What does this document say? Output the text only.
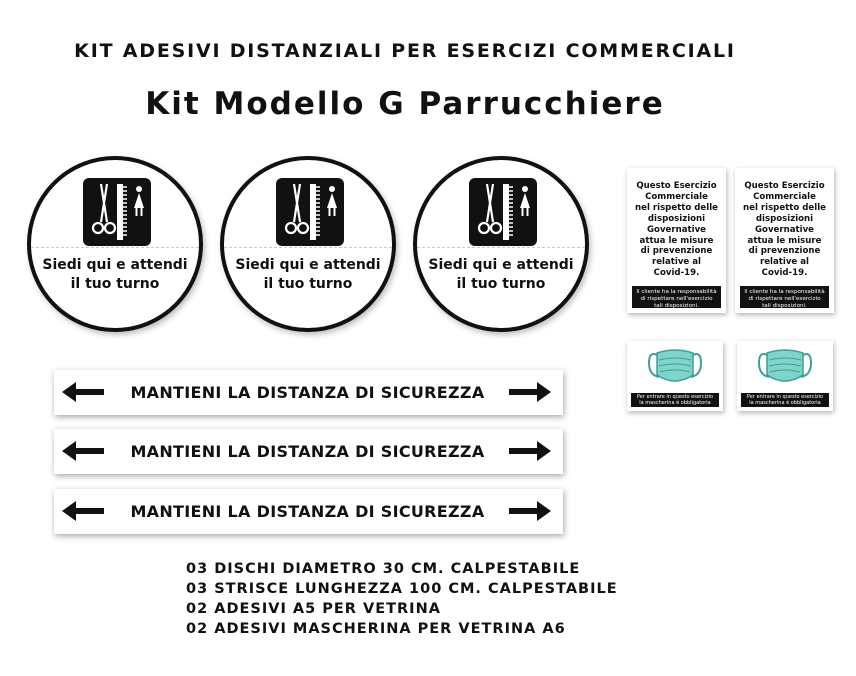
KIT ADESIVI DISTANZIALI PER ESERCIZI COMMERCIALI
Kit Modello G Parrucchiere
Siedi qui e attendi
il tuo turno
Siedi qui e attendi
il tuo turno
Siedi qui e attendi
il tuo turno
MANTIENI LA DISTANZA DI SICUREZZA
MANTIENI LA DISTANZA DI SICUREZZA
MANTIENI LA DISTANZA DI SICUREZZA
Questo Esercizio
Commerciale
nel rispetto delle
disposizioni
Governative
attua le misure
di prevenzione
relative al
Covid-19.
Il cliente ha la responsabilità
di rispettare nell'esercizio
tali disposizioni.
Questo Esercizio
Commerciale
nel rispetto delle
disposizioni
Governative
attua le misure
di prevenzione
relative al
Covid-19.
Il cliente ha la responsabilità
di rispettare nell'esercizio
tali disposizioni.
Per entrare in questo esercizio
la mascherina è obbligatoria
Per entrare in questo esercizio
la mascherina è obbligatoria
03 DISCHI DIAMETRO 30 CM. CALPESTABILE
03 STRISCE LUNGHEZZA 100 CM. CALPESTABILE
02 ADESIVI A5 PER VETRINA
02 ADESIVI MASCHERINA PER VETRINA A6
